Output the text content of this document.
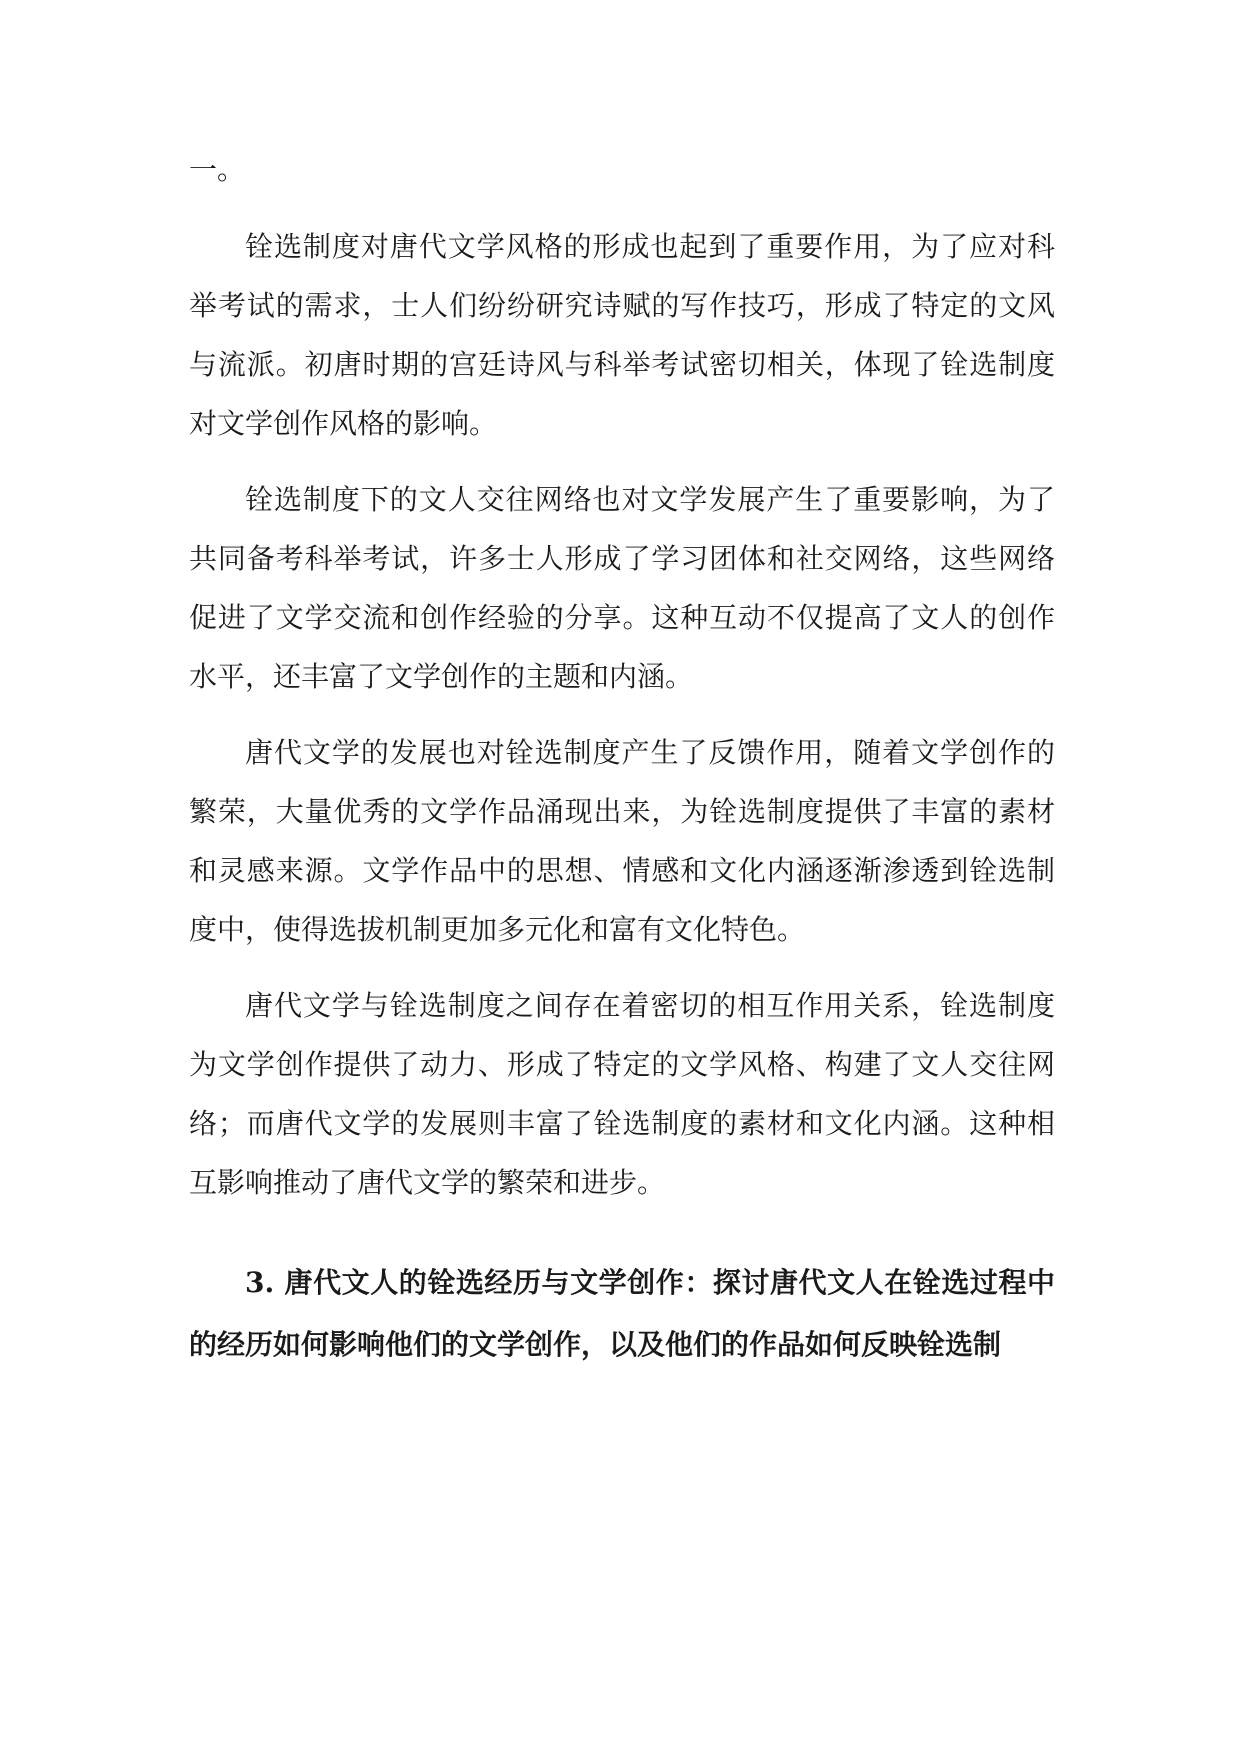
一。

铨选制度对唐代文学风格的形成也起到了重要作用，为了应对科举考试的需求，士人们纷纷研究诗赋的写作技巧，形成了特定的文风与流派。初唐时期的宫廷诗风与科举考试密切相关，体现了铨选制度对文学创作风格的影响。

铨选制度下的文人交往网络也对文学发展产生了重要影响，为了共同备考科举考试，许多士人形成了学习团体和社交网络，这些网络促进了文学交流和创作经验的分享。这种互动不仅提高了文人的创作水平，还丰富了文学创作的主题和内涵。

唐代文学的发展也对铨选制度产生了反馈作用，随着文学创作的繁荣，大量优秀的文学作品涌现出来，为铨选制度提供了丰富的素材和灵感来源。文学作品中的思想、情感和文化内涵逐渐渗透到铨选制度中，使得选拔机制更加多元化和富有文化特色。

唐代文学与铨选制度之间存在着密切的相互作用关系，铨选制度为文学创作提供了动力、形成了特定的文学风格、构建了文人交往网络；而唐代文学的发展则丰富了铨选制度的素材和文化内涵。这种相互影响推动了唐代文学的繁荣和进步。

3. 唐代文人的铨选经历与文学创作：探讨唐代文人在铨选过程中的经历如何影响他们的文学创作，以及他们的作品如何反映铨选制
